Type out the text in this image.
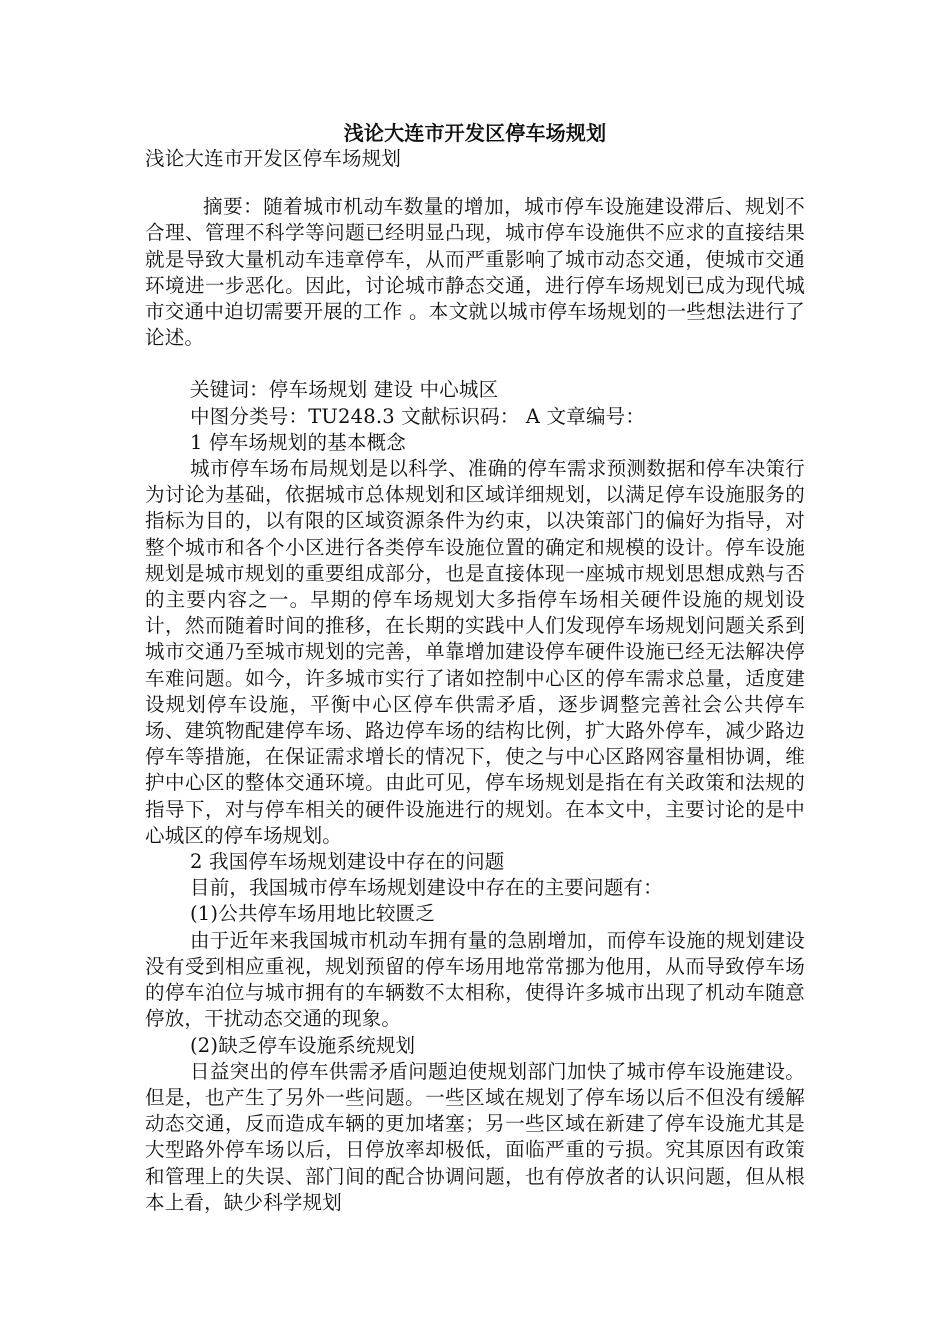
浅论大连市开发区停车场规划

浅论大连市开发区停车场规划

摘要：随着城市机动车数量的增加，城市停车设施建设滞后、规划不合理、管理不科学等问题已经明显凸现，城市停车设施供不应求的直接结果就是导致大量机动车违章停车，从而严重影响了城市动态交通，使城市交通环境进一步恶化。因此，讨论城市静态交通，进行停车场规划已成为现代城市交通中迫切需要开展的工作 。本文就以城市停车场规划的一些想法进行了论述。

关键词：停车场规划 建设 中心城区

中图分类号：TU248.3 文献标识码： A 文章编号：

1 停车场规划的基本概念

城市停车场布局规划是以科学、准确的停车需求预测数据和停车决策行为讨论为基础，依据城市总体规划和区域详细规划，以满足停车设施服务的指标为目的，以有限的区域资源条件为约束，以决策部门的偏好为指导，对整个城市和各个小区进行各类停车设施位置的确定和规模的设计。停车设施规划是城市规划的重要组成部分，也是直接体现一座城市规划思想成熟与否的主要内容之一。早期的停车场规划大多指停车场相关硬件设施的规划设计，然而随着时间的推移，在长期的实践中人们发现停车场规划问题关系到城市交通乃至城市规划的完善，单靠增加建设停车硬件设施已经无法解决停车难问题。如今，许多城市实行了诸如控制中心区的停车需求总量，适度建设规划停车设施，平衡中心区停车供需矛盾，逐步调整完善社会公共停车场、建筑物配建停车场、路边停车场的结构比例，扩大路外停车，减少路边停车等措施，在保证需求增长的情况下，使之与中心区路网容量相协调，维护中心区的整体交通环境。由此可见，停车场规划是指在有关政策和法规的指导下，对与停车相关的硬件设施进行的规划。在本文中，主要讨论的是中心城区的停车场规划。

2 我国停车场规划建设中存在的问题

目前，我国城市停车场规划建设中存在的主要问题有：

(1)公共停车场用地比较匮乏

由于近年来我国城市机动车拥有量的急剧增加，而停车设施的规划建设没有受到相应重视，规划预留的停车场用地常常挪为他用，从而导致停车场的停车泊位与城市拥有的车辆数不太相称，使得许多城市出现了机动车随意停放，干扰动态交通的现象。

(2)缺乏停车设施系统规划

日益突出的停车供需矛盾问题迫使规划部门加快了城市停车设施建设。但是，也产生了另外一些问题。一些区域在规划了停车场以后不但没有缓解动态交通，反而造成车辆的更加堵塞；另一些区域在新建了停车设施尤其是大型路外停车场以后，日停放率却极低，面临严重的亏损。究其原因有政策和管理上的失误、部门间的配合协调问题，也有停放者的认识问题，但从根本上看，缺少科学规划
